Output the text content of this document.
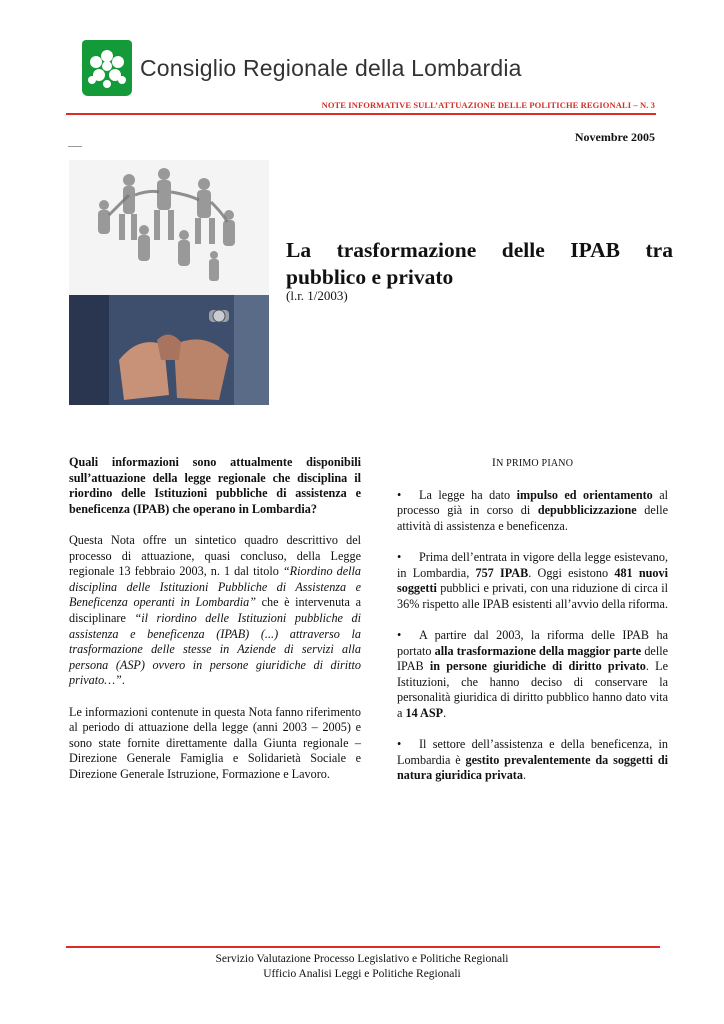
Consiglio Regionale della Lombardia
NOTE INFORMATIVE SULL’ATTUAZIONE DELLE POLITICHE REGIONALI – N. 3
Novembre 2005
La trasformazione delle IPAB tra
pubblico e privato
(l.r. 1/2003)

Quali informazioni sono attualmente disponibili sull’attuazione della legge regionale che disciplina il riordino delle Istituzioni pubbliche di assistenza e beneficenza (IPAB) che operano in Lombardia?

Questa Nota offre un sintetico quadro descrittivo del processo di attuazione, quasi concluso, della Legge regionale 13 febbraio 2003, n. 1 dal titolo “Riordino della disciplina delle Istituzioni Pubbliche di Assistenza e Beneficenza operanti in Lombardia” che è intervenuta a disciplinare “il riordino delle Istituzioni pubbliche di assistenza e beneficenza (IPAB) (...) attraverso la trasformazione delle stesse in Aziende di servizi alla persona (ASP) ovvero in persone giuridiche di diritto privato…”.

Le informazioni contenute in questa Nota fanno riferimento al periodo di attuazione della legge (anni 2003 – 2005) e sono state fornite direttamente dalla Giunta regionale – Direzione Generale Famiglia e Solidarietà Sociale e Direzione Generale Istruzione, Formazione e Lavoro.

IN PRIMO PIANO

• La legge ha dato impulso ed orientamento al processo già in corso di depubblicizzazione delle attività di assistenza e beneficenza.

• Prima dell’entrata in vigore della legge esistevano, in Lombardia, 757 IPAB. Oggi esistono 481 nuovi soggetti pubblici e privati, con una riduzione di circa il 36% rispetto alle IPAB esistenti all’avvio della riforma.

• A partire dal 2003, la riforma delle IPAB ha portato alla trasformazione della maggior parte delle IPAB in persone giuridiche di diritto privato. Le Istituzioni, che hanno deciso di conservare la personalità giuridica di diritto pubblico hanno dato vita a 14 ASP.

• Il settore dell’assistenza e della beneficenza, in Lombardia è gestito prevalentemente da soggetti di natura giuridica privata.

Servizio Valutazione Processo Legislativo e Politiche Regionali
Ufficio Analisi Leggi e Politiche Regionali
